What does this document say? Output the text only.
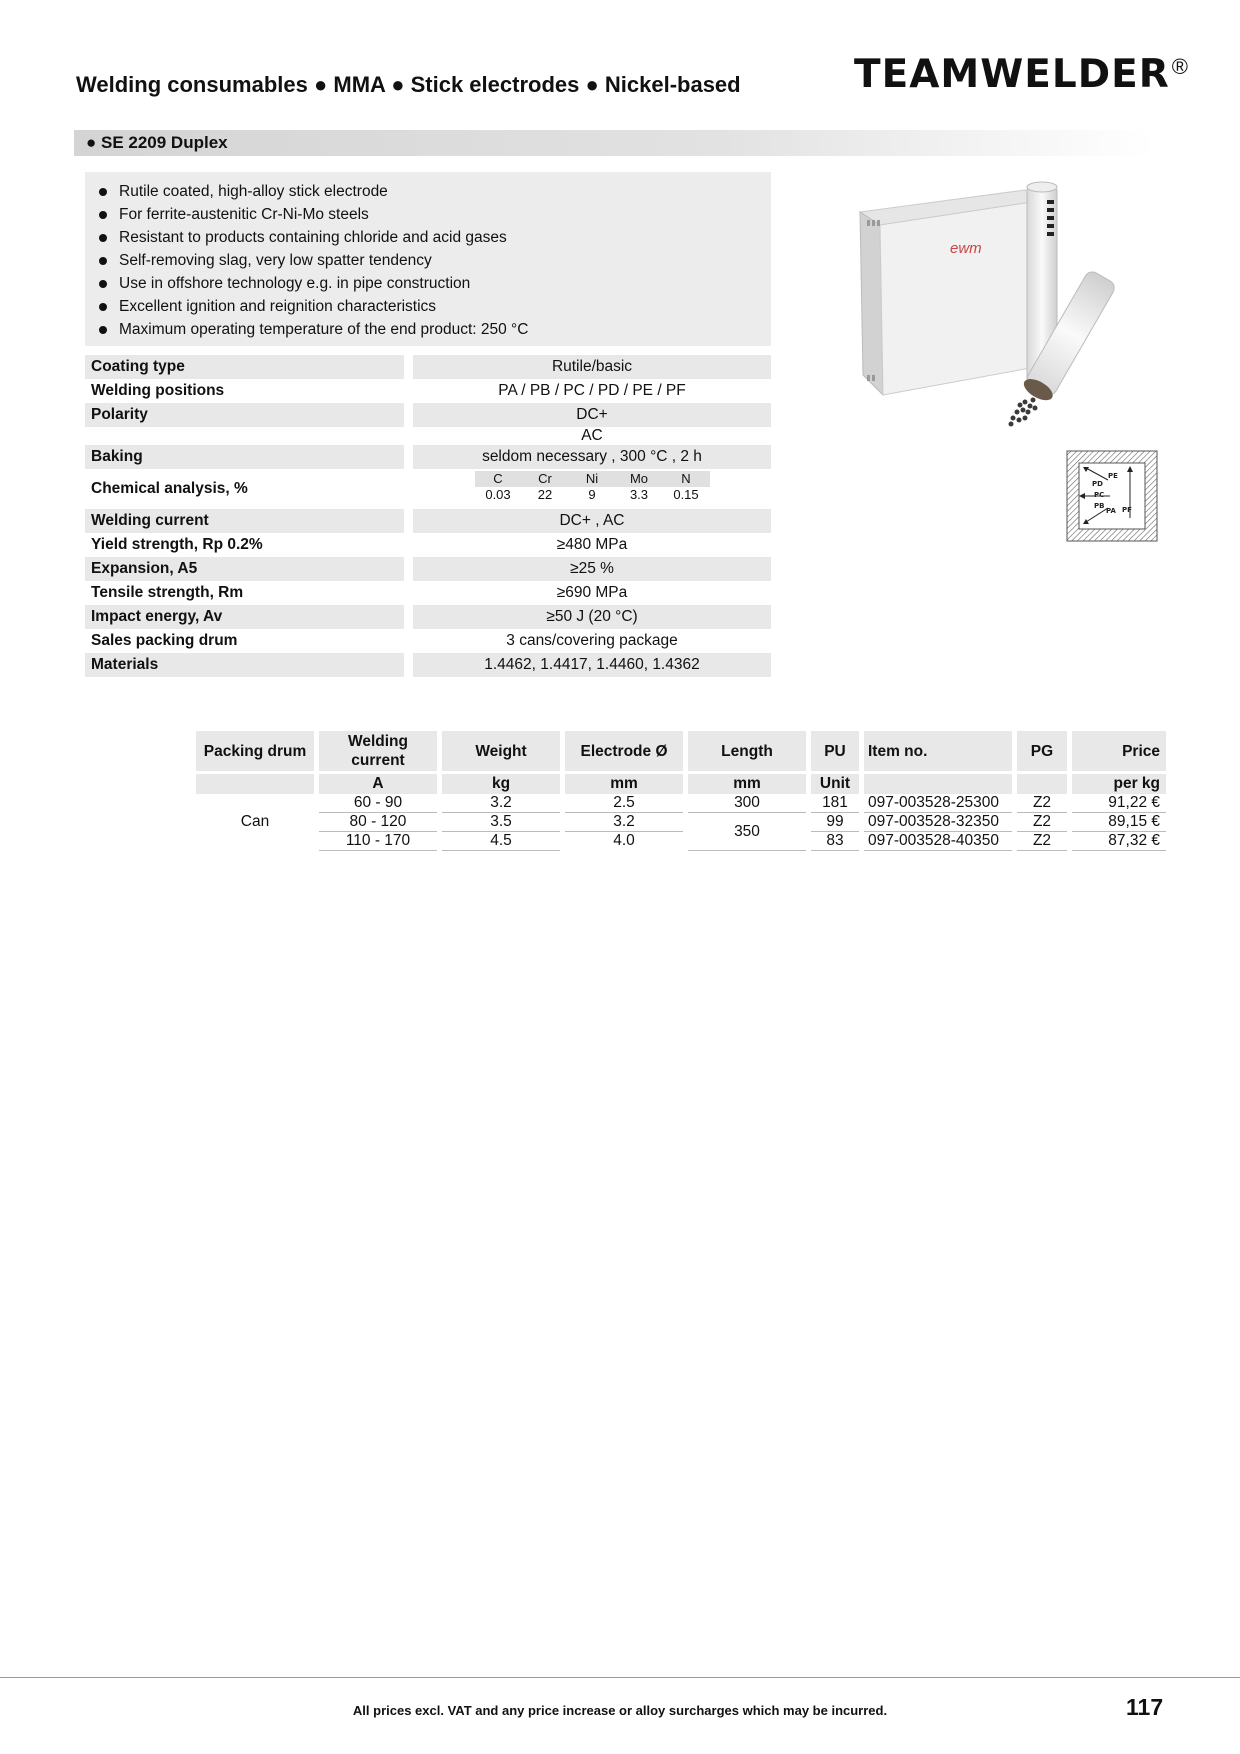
Welding consumables ● MMA ● Stick electrodes ● Nickel-based	TEAMWELDER ®
● SE 2209 Duplex
Rutile coated, high-alloy stick electrode
For ferrite-austenitic Cr-Ni-Mo steels
Resistant to products containing chloride and acid gases
Self-removing slag, very low spatter tendency
Use in offshore technology e.g. in pipe construction
Excellent ignition and reignition characteristics
Maximum operating temperature of the end product: 250 °C
Coating type	Rutile/basic
Welding positions	PA / PB / PC / PD / PE / PF
Polarity	DC+
AC
Baking	seldom necessary , 300 °C , 2 h
Chemical analysis, %
C	Cr	Ni	Mo	N
0.03	22	9	3.3	0.15
Welding current	DC+ , AC
Yield strength, Rp 0.2%	≥480 MPa
Expansion, A5	≥25 %
Tensile strength, Rm	≥690 MPa
Impact energy, Av	≥50 J (20 °C)
Sales packing drum	3 cans/covering package
Materials	1.4462, 1.4417, 1.4460, 1.4362
ewm
PE
PD
PC
PB
PA PF
Packing drum		Welding current		Weight		Electrode Ø		Length		PU		Item no.		PG		Price
		A		kg		mm		mm		Unit						per kg
Can		60 - 90		3.2		2.5		300		181		097-003528-25300		Z2		91,22 €
		80 - 120		3.5		3.2		350		99		097-003528-32350		Z2		89,15 €
		110 - 170		4.5		4.0				83		097-003528-40350		Z2		87,32 €
All prices excl. VAT and any price increase or alloy surcharges which may be incurred.	117
